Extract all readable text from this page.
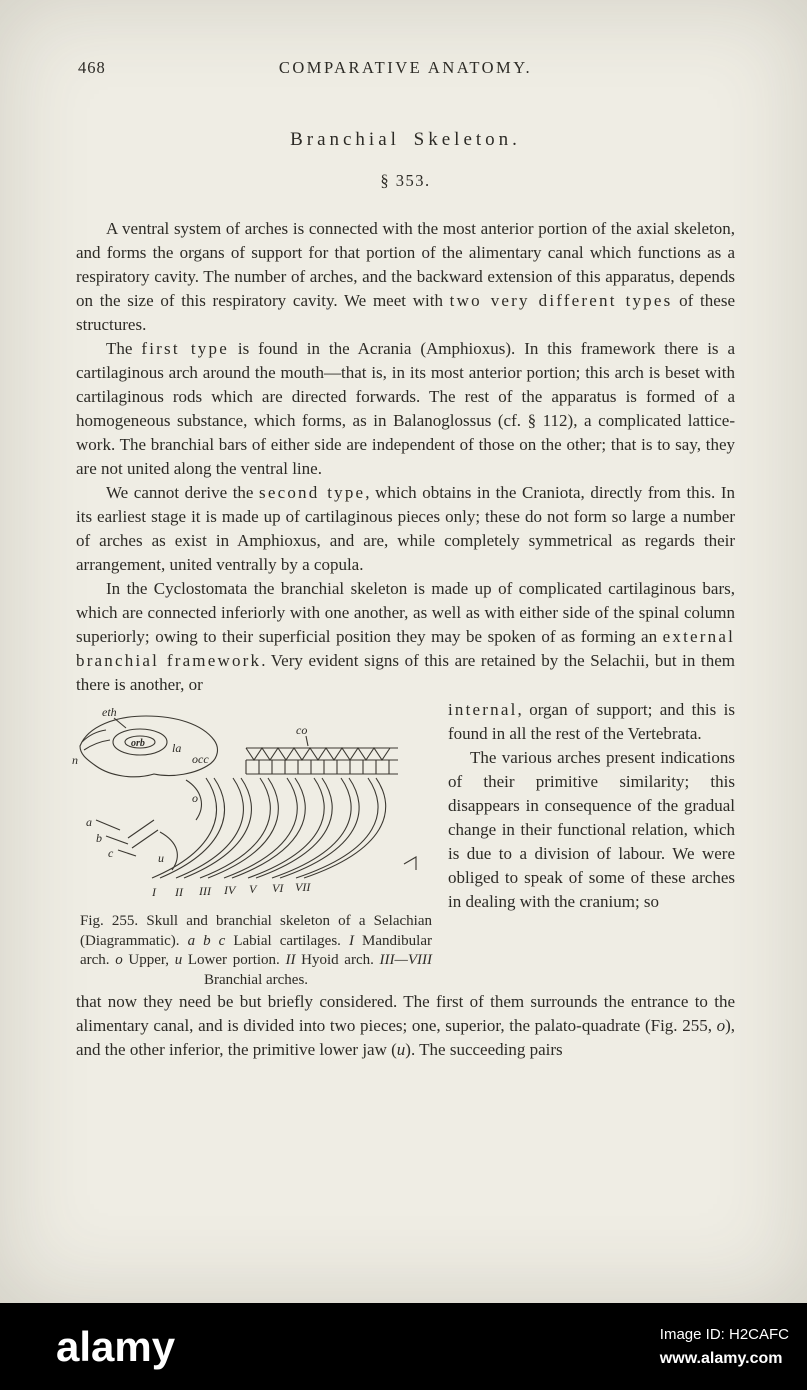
468	COMPARATIVE ANATOMY.
Branchial Skeleton.
§ 353.

A ventral system of arches is connected with the most anterior portion of the axial skeleton, and forms the organs of support for that portion of the alimentary canal which functions as a respiratory cavity. The number of arches, and the backward extension of this apparatus, depends on the size of this respiratory cavity. We meet with two very different types of these structures.

The first type is found in the Acrania (Amphioxus). In this framework there is a cartilaginous arch around the mouth—that is, in its most anterior portion; this arch is beset with cartilaginous rods which are directed forwards. The rest of the apparatus is formed of a homogeneous substance, which forms, as in Balanoglossus (cf. § 112), a complicated lattice-work. The branchial bars of either side are independent of those on the other; that is to say, they are not united along the ventral line.

We cannot derive the second type, which obtains in the Craniota, directly from this. In its earliest stage it is made up of cartilaginous pieces only; these do not form so large a number of arches as exist in Amphioxus, and are, while completely symmetrical as regards their arrangement, united ventrally by a copula.

In the Cyclostomata the branchial skeleton is made up of complicated cartilaginous bars, which are connected inferiorly with one another, as well as with either side of the spinal column superiorly; owing to their superficial position they may be spoken of as forming an external branchial framework. Very evident signs of this are retained by the Selachii, but in them there is another, or

eth
orb la
occ
co
n
o
a
b
c	u
I II III IV V VI VII
Fig. 255. Skull and branchial skeleton of a Selachian (Diagrammatic). a b c Labial cartilages. I Mandibular arch. o Upper, u Lower portion. II Hyoid arch. III—VIII Branchial arches.

internal, organ of support; and this is found in all the rest of the Vertebrata.

The various arches present indications of their primitive similarity; this disappears in consequence of the gradual change in their functional relation, which is due to a division of labour. We were obliged to speak of some of these arches in dealing with the cranium; so

that now they need be but briefly considered. The first of them surrounds the entrance to the alimentary canal, and is divided into two pieces; one, superior, the palato-quadrate (Fig. 255, o), and the other inferior, the primitive lower jaw (u). The succeeding pairs

alamy	Image ID: H2CAFC
www.alamy.com
